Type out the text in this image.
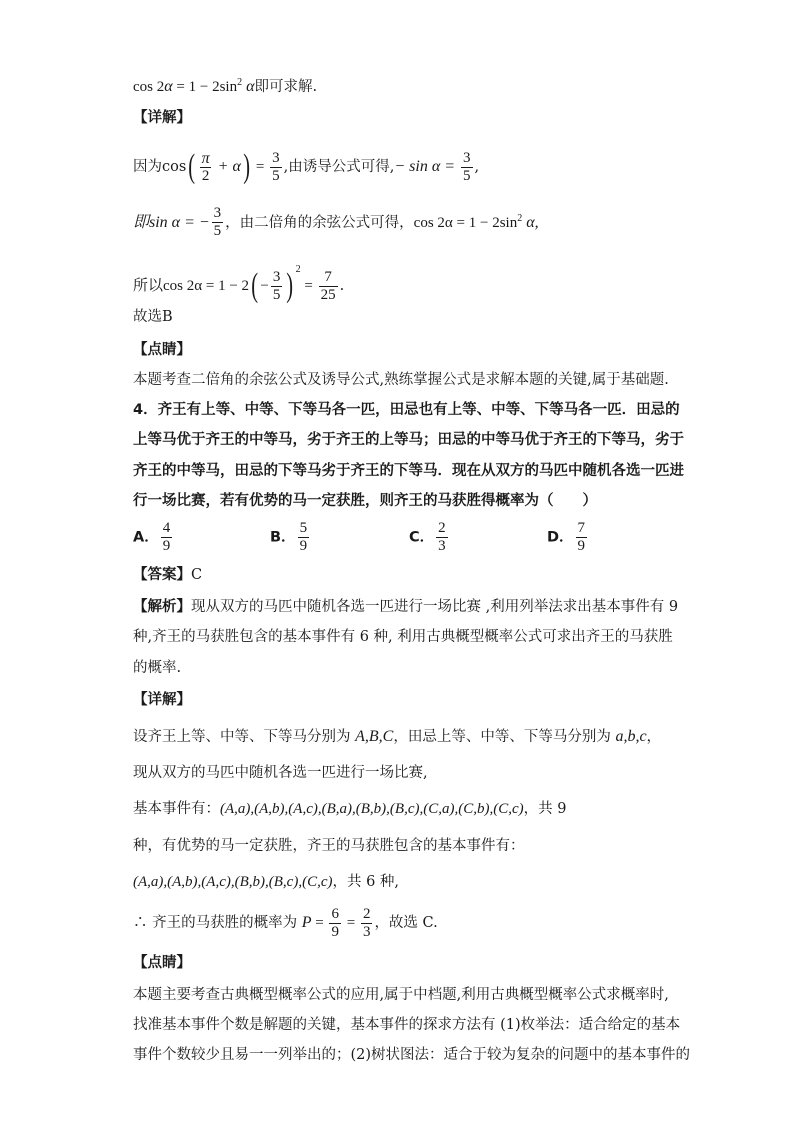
$\cos 2\alpha = 1 - 2\sin^2$ α即可求解.
【详解】
因为$\cos( \frac{\pi}{2} + \alpha) = \frac{3}{5}$ ,由诱导公式可得,− $\sin \alpha = \frac{3}{5}$ ,
即sin α = − $\frac{3}{5}$ ，由二倍角的余弦公式可得，$\cos 2\alpha = 1 - 2\sin^2$ α,
所以$\cos 2\alpha = 1 - 2( - \frac{3}{5}$ ) $^2 = \frac{7}{25}$ .
故选B
【点睛】
本题考查二倍角的余弦公式及诱导公式,熟练掌握公式是求解本题的关键,属于基础题.
4．齐王有上等、中等、下等马各一匹，田忌也有上等、中等、下等马各一匹．田忌的
上等马优于齐王的中等马，劣于齐王的上等马；田忌的中等马优于齐王的下等马，劣于
齐王的中等马，田忌的下等马劣于齐王的下等马．现在从双方的马匹中随机各选一匹进
行一场比赛，若有优势的马一定获胜，则齐王的马获胜得概率为（　　）
A． $\frac{4}{9}$	B． $\frac{5}{9}$	C． $\frac{2}{3}$	D． $\frac{7}{9}$
【答案】C
【解析】现从双方的马匹中随机各选一匹进行一场比赛 ,利用列举法求出基本事件有 9
种,齐王的马获胜包含的基本事件有 6 种, 利用古典概型概率公式可求出齐王的马获胜
的概率.
【详解】
设齐王上等、中等、下等马分别为 A,B,C，田忌上等、中等、下等马分别为 a,b,c，
现从双方的马匹中随机各选一匹进行一场比赛,
基本事件有：(A,a),(A,b),(A,c),(B,a),(B,b),(B,c),(C,a),(C,b),(C,c)，共 9
种，有优势的马一定获胜，齐王的马获胜包含的基本事件有：
(A,a),(A,b),(A,c),(B,b),(B,c),(C,c)，共 6 种,
∴ 齐王的马获胜的概率为 $P = \frac{6}{9} = \frac{2}{3}$ ，故选 C.
【点睛】
本题主要考查古典概型概率公式的应用,属于中档题,利用古典概型概率公式求概率时,
找准基本事件个数是解题的关键，基本事件的探求方法有 (1)枚举法：适合给定的基本
事件个数较少且易一一列举出的；(2)树状图法：适合于较为复杂的问题中的基本事件的
